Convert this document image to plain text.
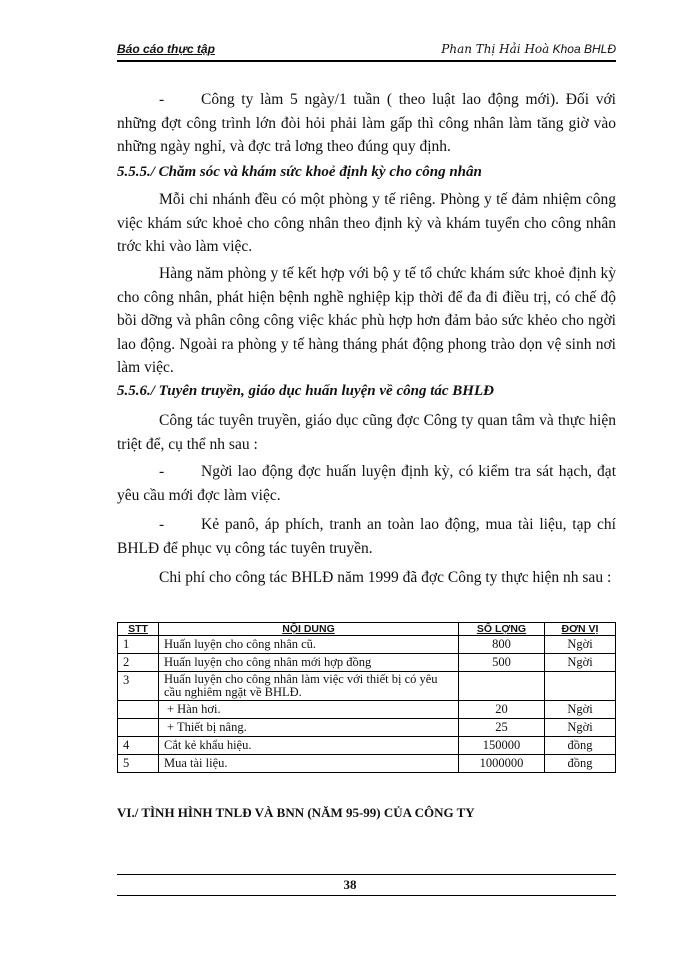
Báo cáo thực tập	Phan Thị Hải Hoà Khoa BHLĐ

- Công ty làm 5 ngày/1 tuần ( theo luật lao động mới). Đối với những đợt công trình lớn đòi hỏi phải làm gấp thì công nhân làm tăng giờ vào những ngày nghỉ, và đợc trả lơng theo đúng quy định.

5.5.5./ Chăm sóc và khám sức khoẻ định kỳ cho công nhân

Mỗi chi nhánh đều có một phòng y tế riêng. Phòng y tế đảm nhiệm công việc khám sức khoẻ cho công nhân theo định kỳ và khám tuyển cho công nhân trớc khi vào làm việc.

Hàng năm phòng y tế kết hợp với bộ y tế tổ chức khám sức khoẻ định kỳ cho công nhân, phát hiện bệnh nghề nghiệp kịp thời để đa đi điều trị, có chế độ bồi dỡng và phân công công việc khác phù hợp hơn đảm bảo sức khẻo cho ngời lao động. Ngoài ra phòng y tế hàng tháng phát động phong trào dọn vệ sinh nơi làm việc.

5.5.6./ Tuyên truyền, giáo dục huấn luyện về công tác BHLĐ

Công tác tuyên truyền, giáo dục cũng đợc Công ty quan tâm và thực hiện triệt để, cụ thể nh sau :

- Ngời lao động đợc huấn luyện định kỳ, có kiểm tra sát hạch, đạt yêu cầu mới đợc làm việc.

- Kẻ panô, áp phích, tranh an toàn lao động, mua tài liệu, tạp chí BHLĐ để phục vụ công tác tuyên truyền.

Chi phí cho công tác BHLĐ năm 1999 đã đợc Công ty thực hiện nh sau :

STT	NỘI DUNG	SỐ LỢNG	ĐƠN VỊ
1	Huấn luyện cho công nhân cũ.	800	Ngời
2	Huấn luyện cho công nhân mới hợp đồng	500	Ngời
3	Huấn luyện cho công nhân làm việc với thiết bị có yêu cầu nghiêm ngặt về BHLĐ.		
	+ Hàn hơi.	20	Ngời
	+ Thiết bị nâng.	25	Ngời
4	Cắt kẻ khẩu hiệu.	150000	đồng
5	Mua tài liệu.	1000000	đồng

VI./ TÌNH HÌNH TNLĐ VÀ BNN (NĂM 95-99) CỦA CÔNG TY

38
